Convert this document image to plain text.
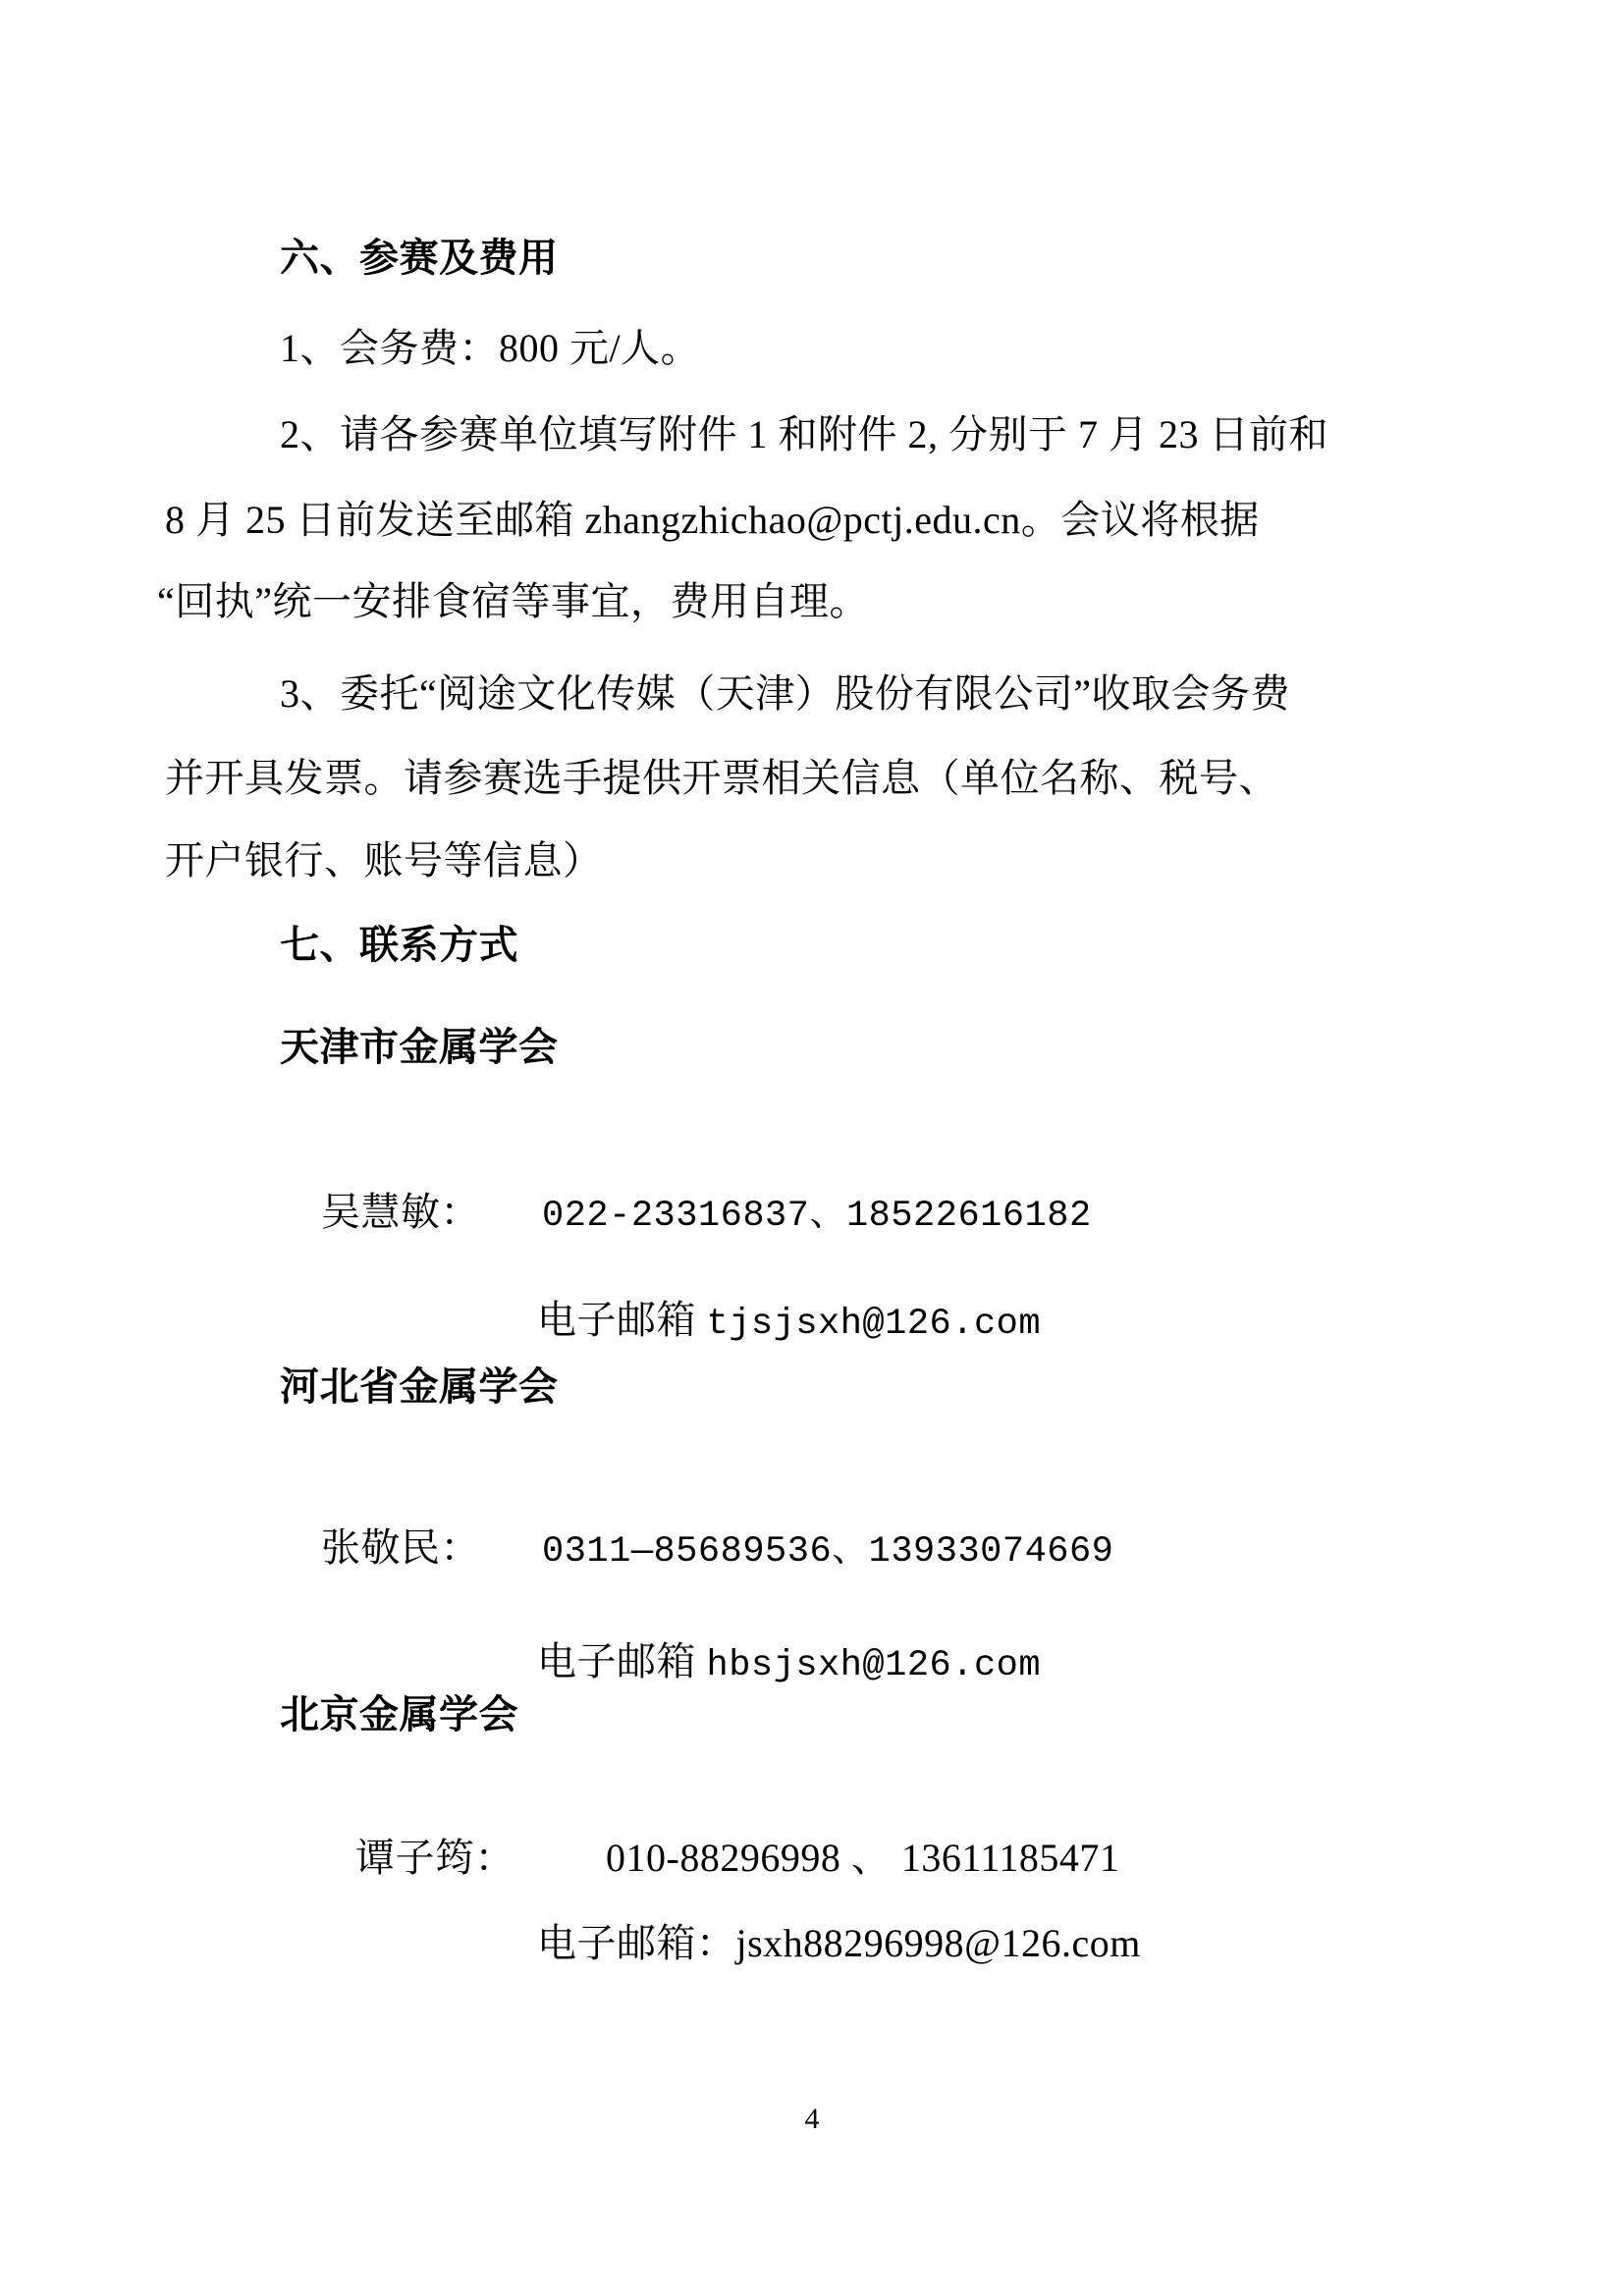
六、参赛及费用
1、会务费：800 元/人。
2、请各参赛单位填写附件 1 和附件 2, 分别于 7 月 23 日前和
8 月 25 日前发送至邮箱 zhangzhichao@pctj.edu.cn。会议将根据
“回执”统一安排食宿等事宜，费用自理。
3、委托“阅途文化传媒（天津）股份有限公司”收取会务费
并开具发票。请参赛选手提供开票相关信息（单位名称、税号、
开户银行、账号等信息）
七、联系方式
天津市金属学会

吴慧敏： 022-23316837、18522616182

电子邮箱 tjsjsxh@126.com

河北省金属学会

张敬民： 0311—85689536、13933074669

电子邮箱 hbsjsxh@126.com

北京金属学会

谭子筠： 010-88296998 、 13611185471

电子邮箱：jsxh88296998@126.com

4
